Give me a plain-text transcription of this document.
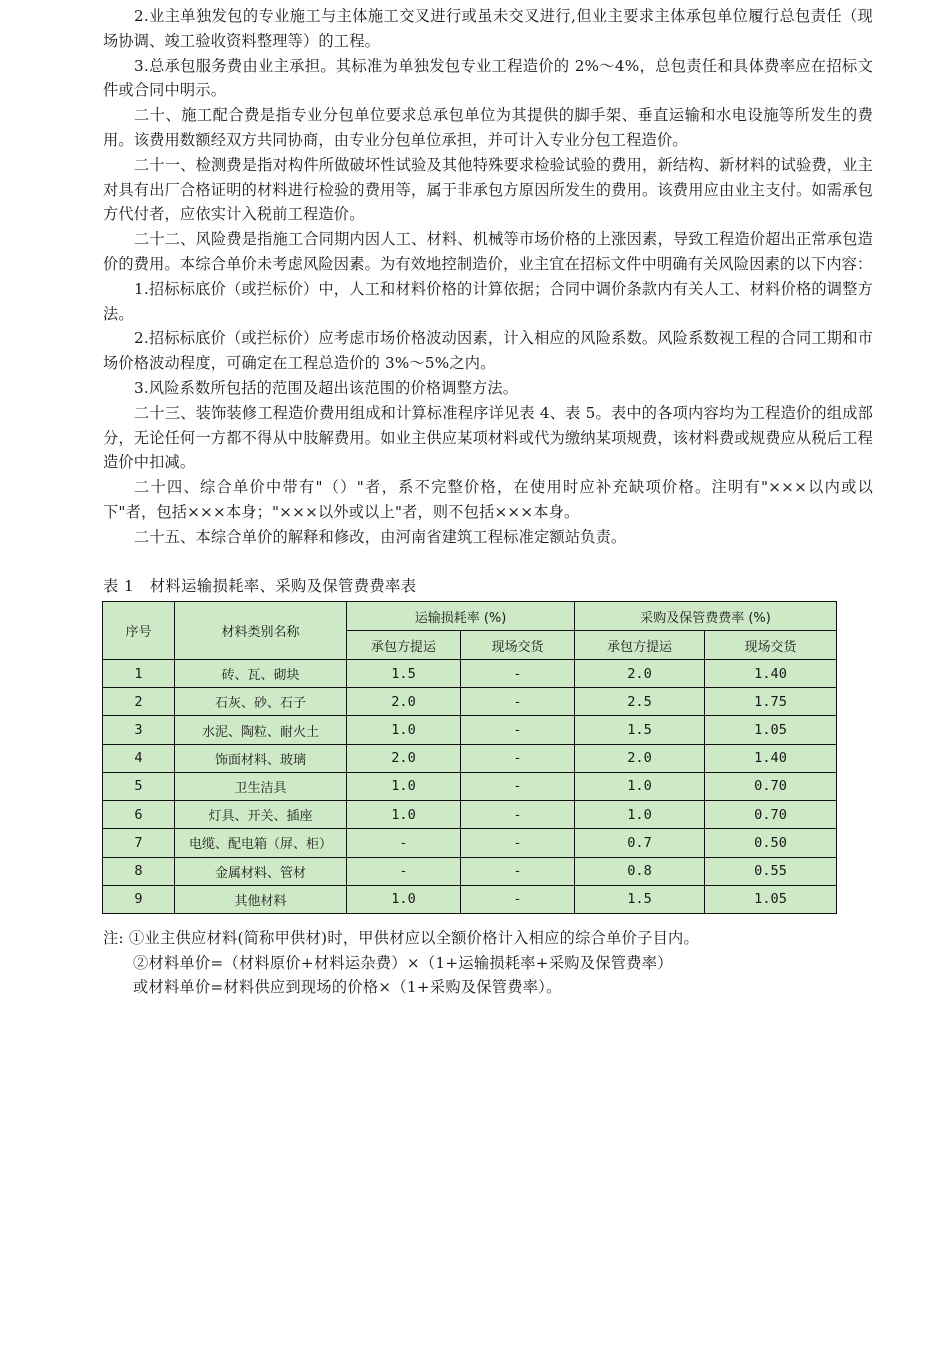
2.业主单独发包的专业施工与主体施工交叉进行或虽未交叉进行,但业主要求主体承包单位履行总包责任（现场协调、竣工验收资料整理等）的工程。

3.总承包服务费由业主承担。其标准为单独发包专业工程造价的 2%～4%，总包责任和具体费率应在招标文件或合同中明示。

二十、施工配合费是指专业分包单位要求总承包单位为其提供的脚手架、垂直运输和水电设施等所发生的费用。该费用数额经双方共同协商，由专业分包单位承担，并可计入专业分包工程造价。

二十一、检测费是指对构件所做破坏性试验及其他特殊要求检验试验的费用，新结构、新材料的试验费，业主对具有出厂合格证明的材料进行检验的费用等，属于非承包方原因所发生的费用。该费用应由业主支付。如需承包方代付者，应依实计入税前工程造价。

二十二、风险费是指施工合同期内因人工、材料、机械等市场价格的上涨因素，导致工程造价超出正常承包造价的费用。本综合单价未考虑风险因素。为有效地控制造价，业主宜在招标文件中明确有关风险因素的以下内容：

1.招标标底价（或拦标价）中，人工和材料价格的计算依据；合同中调价条款内有关人工、材料价格的调整方法。

2.招标标底价（或拦标价）应考虑市场价格波动因素，计入相应的风险系数。风险系数视工程的合同工期和市场价格波动程度，可确定在工程总造价的 3%～5%之内。

3.风险系数所包括的范围及超出该范围的价格调整方法。

二十三、装饰装修工程造价费用组成和计算标准程序详见表 4、表 5。表中的各项内容均为工程造价的组成部分，无论任何一方都不得从中肢解费用。如业主供应某项材料或代为缴纳某项规费，该材料费或规费应从税后工程造价中扣减。

二十四、综合单价中带有"（）"者，系不完整价格，在使用时应补充缺项价格。注明有"×××以内或以下"者，包括×××本身；"×××以外或以上"者，则不包括×××本身。

二十五、本综合单价的解释和修改，由河南省建筑工程标准定额站负责。

表 1　材料运输损耗率、采购及保管费费率表
序号	材料类别名称	运输损耗率 (%)		采购及保管费费率 (%)	
		承包方提运	现场交货	承包方提运	现场交货
1	砖、瓦、砌块	1.5	-	2.0	1.40
2	石灰、砂、石子	2.0	-	2.5	1.75
3	水泥、陶粒、耐火土	1.0	-	1.5	1.05
4	饰面材料、玻璃	2.0	-	2.0	1.40
5	卫生洁具	1.0	-	1.0	0.70
6	灯具、开关、插座	1.0	-	1.0	0.70
7	电缆、配电箱（屏、柜）	-	-	0.7	0.50
8	金属材料、管材	-	-	0.8	0.55
9	其他材料	1.0	-	1.5	1.05

注: ①业主供应材料(简称甲供材)时，甲供材应以全额价格计入相应的综合单价子目内。

②材料单价=（材料原价+材料运杂费）×（1+运输损耗率+采购及保管费率）

或材料单价=材料供应到现场的价格×（1+采购及保管费率）。
